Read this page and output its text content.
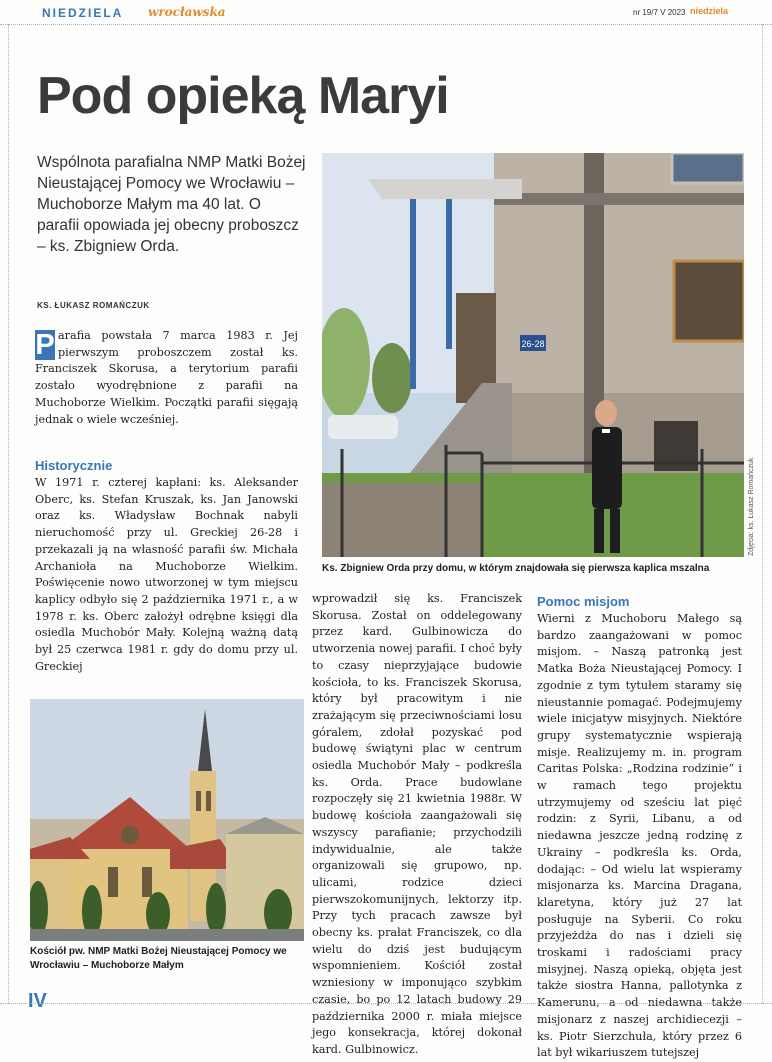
NIEDZIELA wrocławska	nr 19/7 V 2023 niedziela
Pod opieką Maryi
Wspólnota parafialna NMP Matki Bożej Nieustającej Pomocy we Wrocławiu – Muchoborze Małym ma 40 lat. O parafii opowiada jej obecny proboszcz – ks. Zbigniew Orda.
KS. ŁUKASZ ROMAŃCZUK
26-28
Zdjęcia: ks. Łukasz Romańczuk
Ks. Zbigniew Orda przy domu, w którym znajdowała się pierwsza kaplica mszalna
P arafia powstała 7 marca 1983 r. Jej pierwszym proboszczem został ks. Franciszek Skorusa, a terytorium parafii zostało wyodrębnione z parafii na Muchoborze Wielkim. Początki parafii sięgają jednak o wiele wcześniej.
Historycznie
W 1971 r. czterej kapłani: ks. Aleksander Oberc, ks. Stefan Kruszak, ks. Jan Janowski oraz ks. Władysław Bochnak nabyli nieruchomość przy ul. Greckiej 26-28 i przekazali ją na własność parafii św. Michała Archanioła na Muchoborze Wielkim. Poświęcenie nowo utworzonej w tym miejscu kaplicy odbyło się 2 października 1971 r., a w 1978 r. ks. Oberc założył odrębne księgi dla osiedla Muchobór Mały. Kolejną ważną datą był 25 czerwca 1981 r. gdy do domu przy ul. Greckiej
Kościół pw. NMP Matki Bożej Nieustającej Pomocy we Wrocławiu – Muchoborze Małym
wprowadził się ks. Franciszek Skorusa. Został on oddelegowany przez kard. Gulbinowicza do utworzenia nowej parafii. I choć były to czasy nieprzyjające budowie kościoła, to ks. Franciszek Skorusa, który był pracowitym i nie zrażającym się przeciwnościami losu góralem, zdołał pozyskać pod budowę świątyni plac w centrum osiedla Muchobór Mały – podkreśla ks. Orda. Prace budowlane rozpoczęły się 21 kwietnia 1988r. W budowę kościoła zaangażowali się wszyscy parafianie; przychodzili indywidualnie, ale także organizowali się grupowo, np. ulicami, rodzice dzieci pierwszokomunijnych, lektorzy itp. Przy tych pracach zawsze był obecny ks. prałat Franciszek, co dla wielu do dziś jest budującym wspomnieniem. Kościół został wzniesiony w imponująco szybkim czasie, bo po 12 latach budowy 29 października 2000 r. miała miejsce jego konsekracja, której dokonał kard. Gulbinowicz.
Pomoc misjom
Wierni z Muchoboru Małego są bardzo zaangażowani w pomoc misjom. – Naszą patronką jest Matka Boża Nieustającej Pomocy. I zgodnie z tym tytułem staramy się nieustannie pomagać. Podejmujemy wiele inicjatyw misyjnych. Niektóre grupy systematycznie wspierają misje. Realizujemy m. in. program Caritas Polska: „Rodzina rodzinie” i w ramach tego projektu utrzymujemy od sześciu lat pięć rodzin: z Syrii, Libanu, a od niedawna jeszcze jedną rodzinę z Ukrainy – podkreśla ks. Orda, dodając: – Od wielu lat wspieramy misjonarza ks. Marcina Dragana, klaretyna, który już 27 lat posługuje na Syberii. Co roku przyjeżdża do nas i dzieli się troskami i radościami pracy misyjnej. Naszą opieką, objęta jest także siostra Hanna, pallotynka z Kamerunu, a od niedawna także misjonarz z naszej archidiecezji – ks. Piotr Sierzchuła, który przez 6 lat był wikariuszem tutejszej
IV
